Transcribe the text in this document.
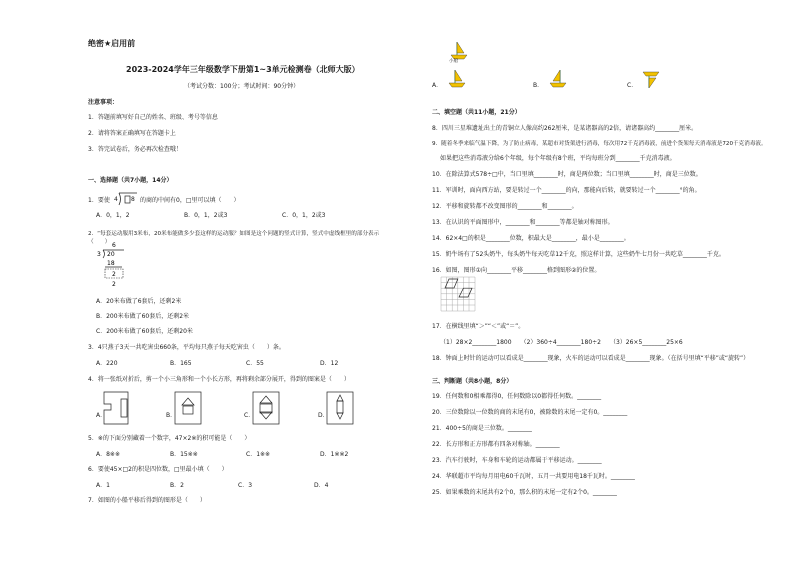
绝密★启用前
2023-2024学年三年级数学下册第1~3单元检测卷（北师大版）
（考试分数：100分；考试时间：90分钟）
注意事项：
1．答题前填写好自己的姓名、班级、考号等信息
2．请将答案正确填写在答题卡上
3．答完试卷后，务必再次检查哦！
一、选择题（共7小题，14分）
1．要使 4 8 的商的中间有0，□里可以填（　　）
A．0，1，2	B．0，1，2或3	C．0，1，2或3
2．“每套运动服用3米布，20米布能做多少套这样的运动服？如图是这个问题的竖式计算，竖式中虚线框里的部分表示（　　） 6
3 20
18
2
2
A．20米布做了6套后，还剩2米
B．200米布做了60套后，还剩2米
C．200米布做了60套后，还剩20米
3．4只燕子3天一共吃害虫660条，平均每只燕子每天吃害虫（　　）条。
A．220	B．165	C．55	D．12
4．将一张纸对折后，剪一个小三角形和一个小长方形，再将剩余部分展开，得到的图案是（　　）
A．	B．	C．	D．
5．※的下面分别藏着一个数字，47×2※的积可能是（　　）
A．8※※	B．15※※	C．1※※	D．1※※2
6．要使45×□2的积是四位数，□里最小填（　　）
A．1	B．2	C．3	D．4
7．如图的小船平移后得到的图形是（　　）
小船
A．	B．	C．
二、填空题（共11小题，21分）
8．四川三星堆遗址出土的青铜立人像高约262厘米，是某诸器高的2倍，请诸器高约________厘米。
9．随着冬季来临气温下降，为了防止病毒，某超市对货架进行消毒，每次用72千克消毒液，前进个货架每天消毒液是720千克消毒液。
如果把这些消毒液分给6个年级，每个年级有8个班，平均每班分到________千克消毒液。
10．在除法算式578÷□中，当口里填________时，商是两位数；当口里填________时，商是三位数。
11．军训时，面向西方站，要是转过一个________的向，那能向后转，就要转过一个________°的角。
12．平移和旋转都不改变图形的________和________。
13．在认识的平面图形中，________和________等都是轴对称图形。
14．62×4□的积是________位数，积最大是________，最小是________。
15．奶牛场有了52头奶牛，每头奶牛每天吃草12千克，照这样计算，这些奶牛七月份一共吃草________千克。
16．如图，图形①向________平移________格到图形②的位置。
17．在横线里填“＞”“＜”或“＝”。
（1）28×2________1800　　（2）360÷4________180÷2　　（3）26×5________25×6
18．钟面上时针的运动可以看成是________现象，火车的运动可以看成是________现象。（在括号里填“平移”或“旋转”）
三、判断题（共8小题，8分）
19．任何数和0相乘都得0，任何数除以0都得任何数。________
20．三位数除以一位数的商的末尾有0，被除数的末尾一定有0。________
21．400÷5的商是三位数。________
22．长方形和正方形都有四条对称轴。________
23．汽车行驶时，车身和车轮的运动都属于平移运动。________
24．华联超市平均每月用电60千瓦时，五月一共要用电18千瓦时。________
25．如果乘数的末尾共有2个0，那么积的末尾一定有2个0。________
